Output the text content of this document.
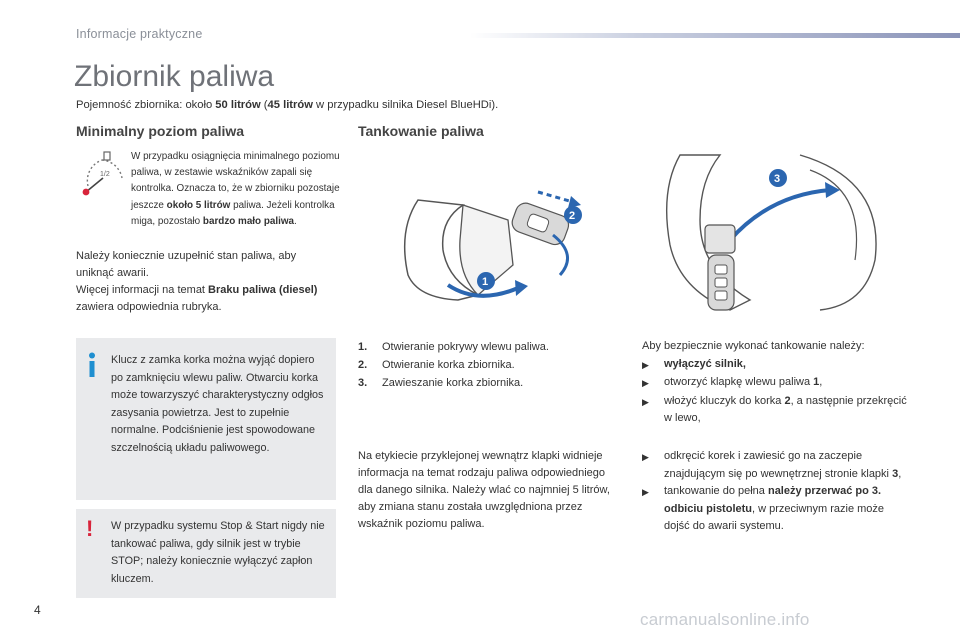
Informacje praktyczne
Zbiornik paliwa
Pojemność zbiornika: około 50 litrów (45 litrów w przypadku silnika Diesel BlueHDi).
Minimalny poziom paliwa
1/2
W przypadku osiągnięcia minimalnego poziomu paliwa, w zestawie wskaźników zapali się kontrolka. Oznacza to, że w zbiorniku pozostaje jeszcze około 5 litrów paliwa. Jeżeli kontrolka miga, pozostało bardzo mało paliwa.
Należy koniecznie uzupełnić stan paliwa, aby uniknąć awarii.
Więcej informacji na temat Braku paliwa (diesel) zawiera odpowiednia rubryka.
Klucz z zamka korka można wyjąć dopiero po zamknięciu wlewu paliw. Otwarciu korka może towarzyszyć charakterystyczny odgłos zasysania powietrza. Jest to zupełnie normalne. Podciśnienie jest spowodowane szczelnością układu paliwowego.
! W przypadku systemu Stop & Start nigdy nie tankować paliwa, gdy silnik jest w trybie STOP; należy koniecznie wyłączyć zapłon kluczem.
Tankowanie paliwa
1
2
3
1.	Otwieranie pokrywy wlewu paliwa.
2.	Otwieranie korka zbiornika.
3.	Zawieszanie korka zbiornika.
Na etykiecie przyklejonej wewnątrz klapki widnieje informacja na temat rodzaju paliwa odpowiedniego dla danego silnika. Należy wlać co najmniej 5 litrów, aby zmiana stanu została uwzględniona przez wskaźnik poziomu paliwa.
Aby bezpiecznie wykonać tankowanie należy:
▶	wyłączyć silnik,
▶	otworzyć klapkę wlewu paliwa 1,
▶	włożyć kluczyk do korka 2, a następnie przekręcić w lewo,
▶	odkręcić korek i zawiesić go na zaczepie znajdującym się po wewnętrznej stronie klapki 3,
▶	tankowanie do pełna należy przerwać po 3. odbiciu pistoletu, w przeciwnym razie może dojść do awarii systemu.
4	carmanualsonline.info
